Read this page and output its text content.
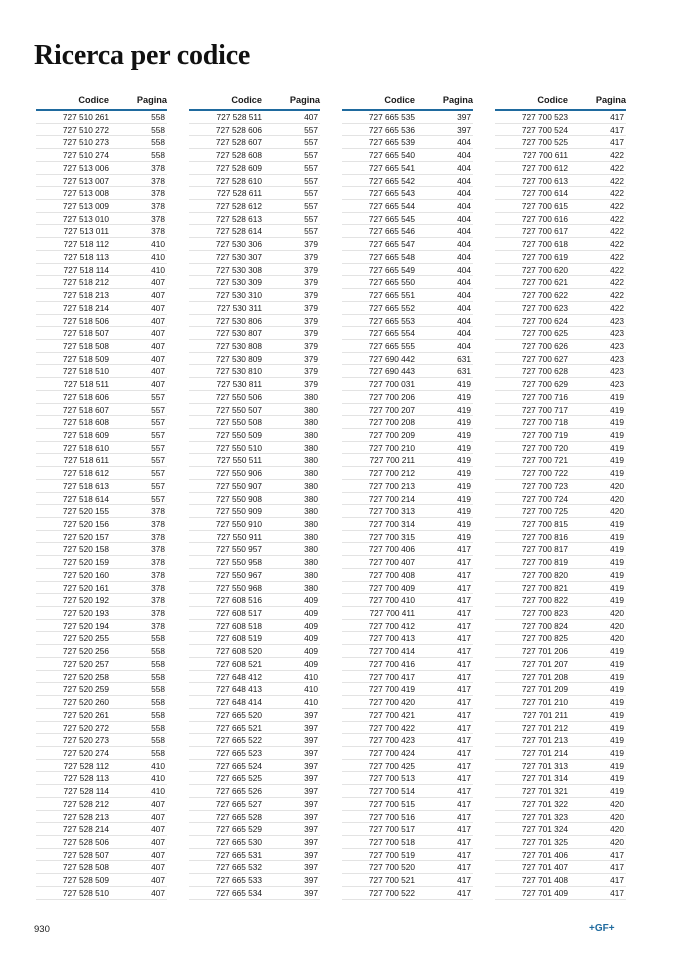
Ricerca per codice
Codice	Pagina
727 510 261	558
727 510 272	558
727 510 273	558
727 510 274	558
727 513 006	378
727 513 007	378
727 513 008	378
727 513 009	378
727 513 010	378
727 513 011	378
727 518 112	410
727 518 113	410
727 518 114	410
727 518 212	407
727 518 213	407
727 518 214	407
727 518 506	407
727 518 507	407
727 518 508	407
727 518 509	407
727 518 510	407
727 518 511	407
727 518 606	557
727 518 607	557
727 518 608	557
727 518 609	557
727 518 610	557
727 518 611	557
727 518 612	557
727 518 613	557
727 518 614	557
727 520 155	378
727 520 156	378
727 520 157	378
727 520 158	378
727 520 159	378
727 520 160	378
727 520 161	378
727 520 192	378
727 520 193	378
727 520 194	378
727 520 255	558
727 520 256	558
727 520 257	558
727 520 258	558
727 520 259	558
727 520 260	558
727 520 261	558
727 520 272	558
727 520 273	558
727 520 274	558
727 528 112	410
727 528 113	410
727 528 114	410
727 528 212	407
727 528 213	407
727 528 214	407
727 528 506	407
727 528 507	407
727 528 508	407
727 528 509	407
727 528 510	407
Codice	Pagina
727 528 511	407
727 528 606	557
727 528 607	557
727 528 608	557
727 528 609	557
727 528 610	557
727 528 611	557
727 528 612	557
727 528 613	557
727 528 614	557
727 530 306	379
727 530 307	379
727 530 308	379
727 530 309	379
727 530 310	379
727 530 311	379
727 530 806	379
727 530 807	379
727 530 808	379
727 530 809	379
727 530 810	379
727 530 811	379
727 550 506	380
727 550 507	380
727 550 508	380
727 550 509	380
727 550 510	380
727 550 511	380
727 550 906	380
727 550 907	380
727 550 908	380
727 550 909	380
727 550 910	380
727 550 911	380
727 550 957	380
727 550 958	380
727 550 967	380
727 550 968	380
727 608 516	409
727 608 517	409
727 608 518	409
727 608 519	409
727 608 520	409
727 608 521	409
727 648 412	410
727 648 413	410
727 648 414	410
727 665 520	397
727 665 521	397
727 665 522	397
727 665 523	397
727 665 524	397
727 665 525	397
727 665 526	397
727 665 527	397
727 665 528	397
727 665 529	397
727 665 530	397
727 665 531	397
727 665 532	397
727 665 533	397
727 665 534	397
Codice	Pagina
727 665 535	397
727 665 536	397
727 665 539	404
727 665 540	404
727 665 541	404
727 665 542	404
727 665 543	404
727 665 544	404
727 665 545	404
727 665 546	404
727 665 547	404
727 665 548	404
727 665 549	404
727 665 550	404
727 665 551	404
727 665 552	404
727 665 553	404
727 665 554	404
727 665 555	404
727 690 442	631
727 690 443	631
727 700 031	419
727 700 206	419
727 700 207	419
727 700 208	419
727 700 209	419
727 700 210	419
727 700 211	419
727 700 212	419
727 700 213	419
727 700 214	419
727 700 313	419
727 700 314	419
727 700 315	419
727 700 406	417
727 700 407	417
727 700 408	417
727 700 409	417
727 700 410	417
727 700 411	417
727 700 412	417
727 700 413	417
727 700 414	417
727 700 416	417
727 700 417	417
727 700 419	417
727 700 420	417
727 700 421	417
727 700 422	417
727 700 423	417
727 700 424	417
727 700 425	417
727 700 513	417
727 700 514	417
727 700 515	417
727 700 516	417
727 700 517	417
727 700 518	417
727 700 519	417
727 700 520	417
727 700 521	417
727 700 522	417
Codice	Pagina
727 700 523	417
727 700 524	417
727 700 525	417
727 700 611	422
727 700 612	422
727 700 613	422
727 700 614	422
727 700 615	422
727 700 616	422
727 700 617	422
727 700 618	422
727 700 619	422
727 700 620	422
727 700 621	422
727 700 622	422
727 700 623	422
727 700 624	423
727 700 625	423
727 700 626	423
727 700 627	423
727 700 628	423
727 700 629	423
727 700 716	419
727 700 717	419
727 700 718	419
727 700 719	419
727 700 720	419
727 700 721	419
727 700 722	419
727 700 723	420
727 700 724	420
727 700 725	420
727 700 815	419
727 700 816	419
727 700 817	419
727 700 819	419
727 700 820	419
727 700 821	419
727 700 822	419
727 700 823	420
727 700 824	420
727 700 825	420
727 701 206	419
727 701 207	419
727 701 208	419
727 701 209	419
727 701 210	419
727 701 211	419
727 701 212	419
727 701 213	419
727 701 214	419
727 701 313	419
727 701 314	419
727 701 321	419
727 701 322	420
727 701 323	420
727 701 324	420
727 701 325	420
727 701 406	417
727 701 407	417
727 701 408	417
727 701 409	417
930	+GF+
